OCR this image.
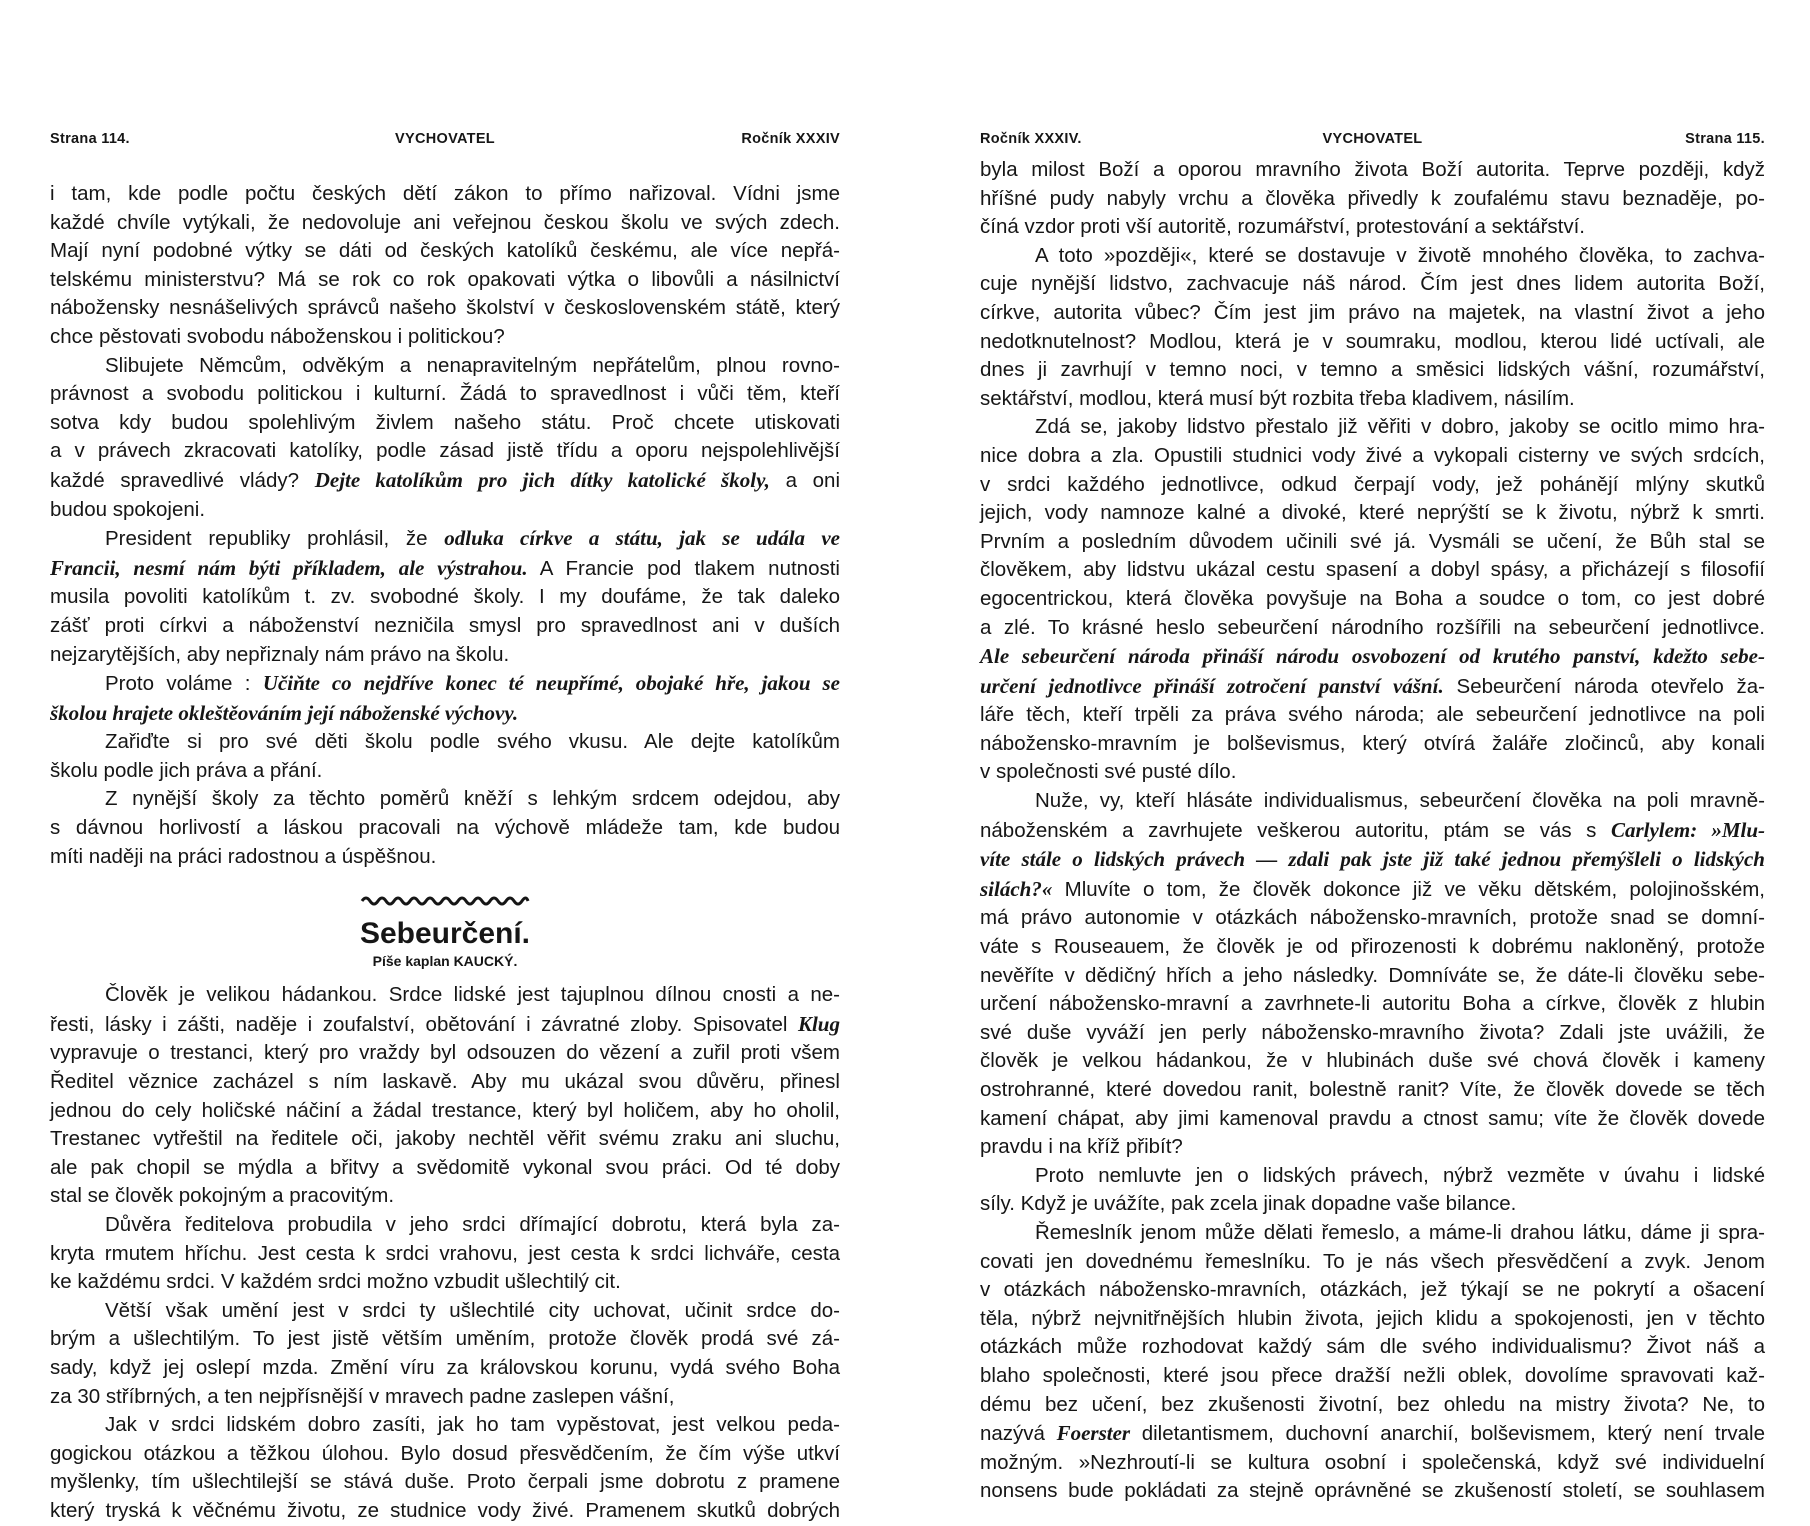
Strana 114.	VYCHOVATEL	Ročník XXXIV
i tam, kde podle počtu českých dětí zákon to přímo nařizoval. Vídni jsme
každé chvíle vytýkali, že nedovoluje ani veřejnou českou školu ve svých zdech.
Mají nyní podobné výtky se dáti od českých katolíků českému, ale více nepřá-
telskému ministerstvu? Má se rok co rok opakovati výtka o libovůli a násilnictví
nábožensky nesnášelivých správců našeho školství v československém státě, který
chce pěstovati svobodu náboženskou i politickou?
Slibujete Němcům, odvěkým a nenapravitelným nepřátelům, plnou rovno-
právnost a svobodu politickou i kulturní. Žádá to spravedlnost i vůči těm, kteří
sotva kdy budou spolehlivým živlem našeho státu. Proč chcete utiskovati
a v právech zkracovati katolíky, podle zásad jistě třídu a oporu nejspolehlivější
každé spravedlivé vlády? Dejte katolíkům pro jich dítky katolické školy, a oni
budou spokojeni.
President republiky prohlásil, že odluka církve a státu, jak se udála ve
Francii, nesmí nám býti příkladem, ale výstrahou. A Francie pod tlakem nutnosti
musila povoliti katolíkům t. zv. svobodné školy. I my doufáme, že tak daleko
zášť proti církvi a náboženství nezničila smysl pro spravedlnost ani v duších
nejzarytějších, aby nepřiznaly nám právo na školu.
Proto voláme : Učiňte co nejdříve konec té neupřímé, obojaké hře, jakou se
školou hrajete okleštěováním její náboženské výchovy.
Zařiďte si pro své děti školu podle svého vkusu. Ale dejte katolíkům
školu podle jich práva a přání.
Z nynější školy za těchto poměrů kněží s lehkým srdcem odejdou, aby
s dávnou horlivostí a láskou pracovali na výchově mládeže tam, kde budou
míti naději na práci radostnou a úspěšnou.
Sebeurčení.
Píše kaplan KAUCKÝ.
Člověk je velikou hádankou. Srdce lidské jest tajuplnou dílnou cnosti a ne-
řesti, lásky i zášti, naděje i zoufalství, obětování i závratné zloby. Spisovatel Klug
vypravuje o trestanci, který pro vraždy byl odsouzen do vězení a zuřil proti všem
Ředitel věznice zacházel s ním laskavě. Aby mu ukázal svou důvěru, přinesl
jednou do cely holičské náčiní a žádal trestance, který byl holičem, aby ho oholil,
Trestanec vytřeštil na ředitele oči, jakoby nechtěl věřit svému zraku ani sluchu,
ale pak chopil se mýdla a břitvy a svědomitě vykonal svou práci. Od té doby
stal se člověk pokojným a pracovitým.
Důvěra ředitelova probudila v jeho srdci dřímající dobrotu, která byla za-
kryta rmutem hříchu. Jest cesta k srdci vrahovu, jest cesta k srdci lichváře, cesta
ke každému srdci. V každém srdci možno vzbudit ušlechtilý cit.
Větší však umění jest v srdci ty ušlechtilé city uchovat, učinit srdce do-
brým a ušlechtilým. To jest jistě větším uměním, protože člověk prodá své zá-
sady, když jej oslepí mzda. Změní víru za královskou korunu, vydá svého Boha
za 30 stříbrných, a ten nejpřísnější v mravech padne zaslepen vášní,
Jak v srdci lidském dobro zasíti, jak ho tam vypěstovat, jest velkou peda-
gogickou otázkou a těžkou úlohou. Bylo dosud přesvědčením, že čím výše utkví
myšlenky, tím ušlechtilejší se stává duše. Proto čerpali jsme dobrotu z pramene
který tryská k věčnému životu, ze studnice vody živé. Pramenem skutků dobrých
Ročník XXXIV.	VYCHOVATEL	Strana 115.
byla milost Boží a oporou mravního života Boží autorita. Teprve později, když
hříšné pudy nabyly vrchu a člověka přivedly k zoufalému stavu beznaděje, po-
číná vzdor proti vší autoritě, rozumářství, protestování a sektářství.
A toto »později«, které se dostavuje v životě mnohého člověka, to zachva-
cuje nynější lidstvo, zachvacuje náš národ. Čím jest dnes lidem autorita Boží,
církve, autorita vůbec? Čím jest jim právo na majetek, na vlastní život a jeho
nedotknutelnost? Modlou, která je v soumraku, modlou, kterou lidé uctívali, ale
dnes ji zavrhují v temno noci, v temno a směsici lidských vášní, rozumářství,
sektářství, modlou, která musí být rozbita třeba kladivem, násilím.
Zdá se, jakoby lidstvo přestalo již věřiti v dobro, jakoby se ocitlo mimo hra-
nice dobra a zla. Opustili studnici vody živé a vykopali cisterny ve svých srdcích,
v srdci každého jednotlivce, odkud čerpají vody, jež pohánějí mlýny skutků
jejich, vody namnoze kalné a divoké, které neprýští se k životu, nýbrž k smrti.
Prvním a posledním důvodem učinili své já. Vysmáli se učení, že Bůh stal se
člověkem, aby lidstvu ukázal cestu spasení a dobyl spásy, a přicházejí s filosofií
egocentrickou, která člověka povyšuje na Boha a soudce o tom, co jest dobré
a zlé. To krásné heslo sebeurčení národního rozšířili na sebeurčení jednotlivce.
Ale sebeurčení národa přináší národu osvobození od krutého panství, kdežto sebe-
určení jednotlivce přináší zotročení panství vášní. Sebeurčení národa otevřelo ža-
láře těch, kteří trpěli za práva svého národa; ale sebeurčení jednotlivce na poli
nábožensko-mravním je bolševismus, který otvírá žaláře zločinců, aby konali
v společnosti své pusté dílo.
Nuže, vy, kteří hlásáte individualismus, sebeurčení člověka na poli mravně-
náboženském a zavrhujete veškerou autoritu, ptám se vás s Carlylem: »Mlu-
víte stále o lidských právech — zdali pak jste již také jednou přemýšleli o lidských
silách?« Mluvíte o tom, že člověk dokonce již ve věku dětském, polojinošském,
má právo autonomie v otázkách nábožensko-mravních, protože snad se domní-
váte s Rouseauem, že člověk je od přirozenosti k dobrému nakloněný, protože
nevěříte v dědičný hřích a jeho následky. Domníváte se, že dáte-li člověku sebe-
určení nábožensko-mravní a zavrhnete-li autoritu Boha a církve, člověk z hlubin
své duše vyváží jen perly nábožensko-mravního života? Zdali jste uvážili, že
člověk je velkou hádankou, že v hlubinách duše své chová člověk i kameny
ostrohranné, které dovedou ranit, bolestně ranit? Víte, že člověk dovede se těch
kamení chápat, aby jimi kamenoval pravdu a ctnost samu; víte že člověk dovede
pravdu i na kříž přibít?
Proto nemluvte jen o lidských právech, nýbrž vezměte v úvahu i lidské
síly. Když je uvážíte, pak zcela jinak dopadne vaše bilance.
Řemeslník jenom může dělati řemeslo, a máme-li drahou látku, dáme ji spra-
covati jen dovednému řemeslníku. To je nás všech přesvědčení a zvyk. Jenom
v otázkách nábožensko-mravních, otázkách, jež týkají se ne pokrytí a ošacení
těla, nýbrž nejvnitřnějších hlubin života, jejich klidu a spokojenosti, jen v těchto
otázkách může rozhodovat každý sám dle svého individualismu? Život náš a
blaho společnosti, které jsou přece dražší nežli oblek, dovolíme spravovati kaž-
dému bez učení, bez zkušenosti životní, bez ohledu na mistry života? Ne, to
nazývá Foerster diletantismem, duchovní anarchií, bolševismem, který není trvale
možným. »Nezhroutí-li se kultura osobní i společenská, když své individuelní
nonsens bude pokládati za stejně oprávněné se zkušeností století, se souhlasem
